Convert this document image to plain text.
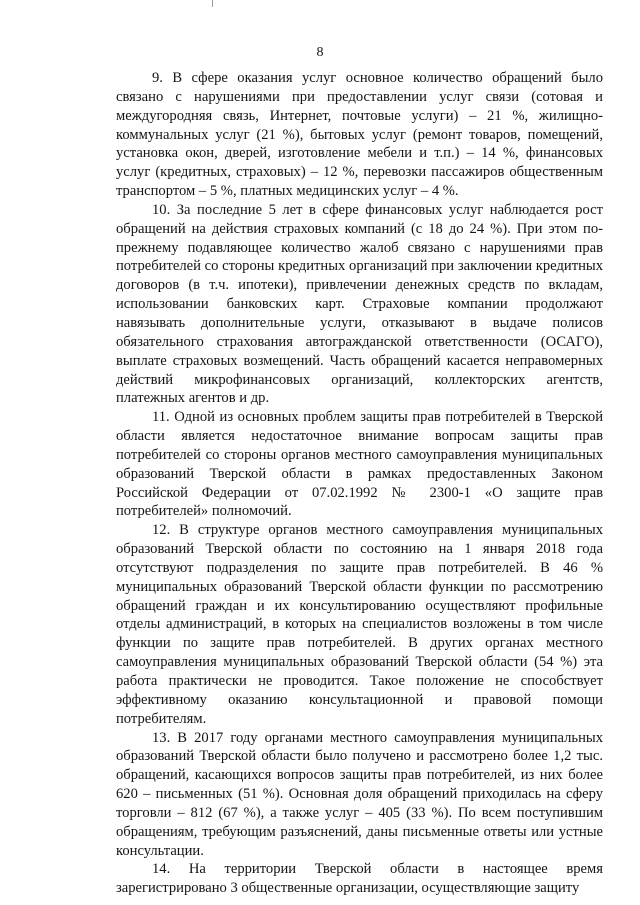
8

9. В сфере оказания услуг основное количество обращений было связано с нарушениями при предоставлении услуг связи (сотовая и междугородняя связь, Интернет, почтовые услуги) – 21 %, жилищно-коммунальных услуг (21 %), бытовых услуг (ремонт товаров, помещений, установка окон, дверей, изготовление мебели и т.п.) – 14 %, финансовых услуг (кредитных, страховых) – 12 %, перевозки пассажиров общественным транспортом – 5 %, платных медицинских услуг – 4 %.

10. За последние 5 лет в сфере финансовых услуг наблюдается рост обращений на действия страховых компаний (с 18 до 24 %). При этом по-прежнему подавляющее количество жалоб связано с нарушениями прав потребителей со стороны кредитных организаций при заключении кредитных договоров (в т.ч. ипотеки), привлечении денежных средств по вкладам, использовании банковских карт. Страховые компании продолжают навязывать дополнительные услуги, отказывают в выдаче полисов обязательного страхования автогражданской ответственности (ОСАГО), выплате страховых возмещений. Часть обращений касается неправомерных действий микрофинансовых организаций, коллекторских агентств, платежных агентов и др.

11. Одной из основных проблем защиты прав потребителей в Тверской области является недостаточное внимание вопросам защиты прав потребителей со стороны органов местного самоуправления муниципальных образований Тверской области в рамках предоставленных Законом Российской Федерации от 07.02.1992 № 2300-1 «О защите прав потребителей» полномочий.

12. В структуре органов местного самоуправления муниципальных образований Тверской области по состоянию на 1 января 2018 года отсутствуют подразделения по защите прав потребителей. В 46 % муниципальных образований Тверской области функции по рассмотрению обращений граждан и их консультированию осуществляют профильные отделы администраций, в которых на специалистов возложены в том числе функции по защите прав потребителей. В других органах местного самоуправления муниципальных образований Тверской области (54 %) эта работа практически не проводится. Такое положение не способствует эффективному оказанию консультационной и правовой помощи потребителям.

13. В 2017 году органами местного самоуправления муниципальных образований Тверской области было получено и рассмотрено более 1,2 тыс. обращений, касающихся вопросов защиты прав потребителей, из них более 620 – письменных (51 %). Основная доля обращений приходилась на сферу торговли – 812 (67 %), а также услуг – 405 (33 %). По всем поступившим обращениям, требующим разъяснений, даны письменные ответы или устные консультации.

14. На территории Тверской области в настоящее время зарегистрировано 3 общественные организации, осуществляющие защиту
